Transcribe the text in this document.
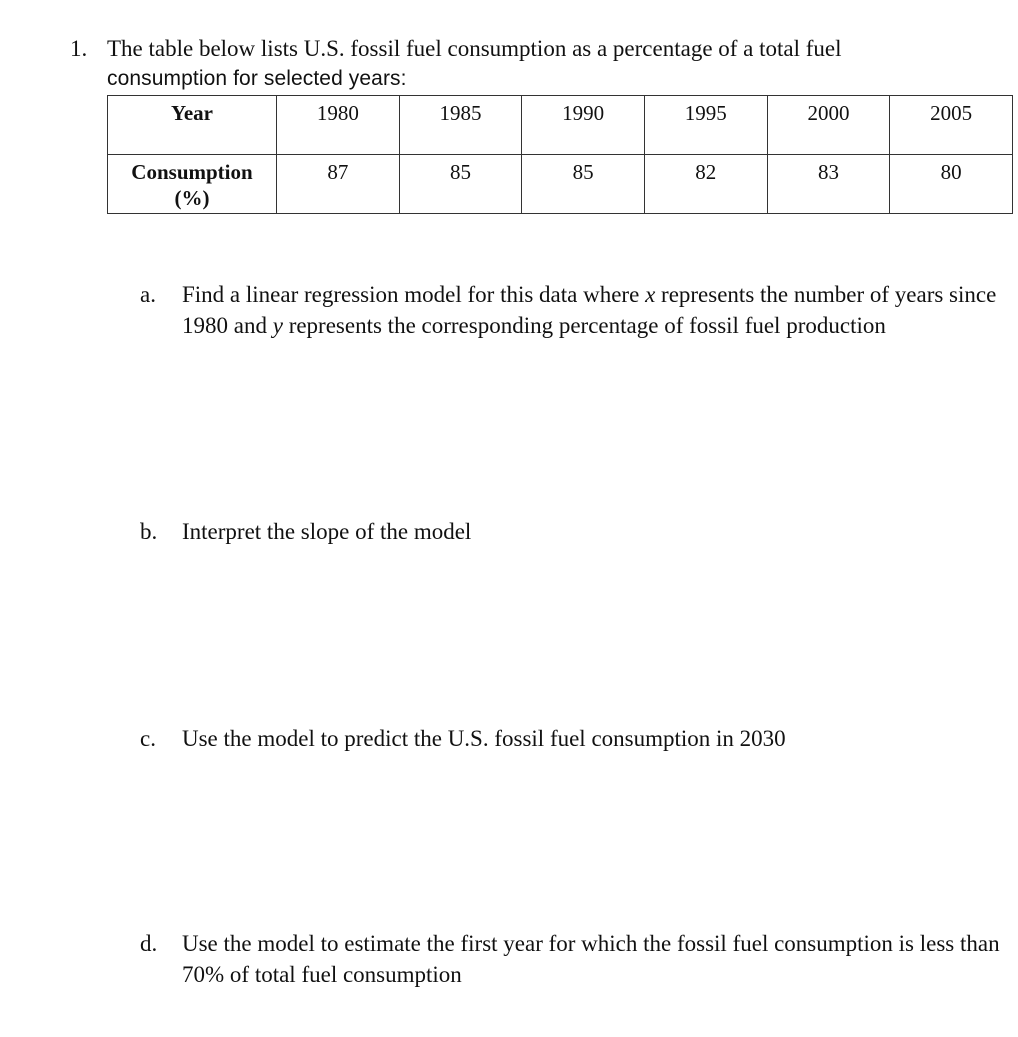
1. The table below lists U.S. fossil fuel consumption as a percentage of a total fuel
consumption for selected years:
Year	1980	1985	1990	1995	2000	2005

Consumption
(%)	87	85	85	82	83	80
a. Find a linear regression model for this data where x represents the number of years since 1980 and y represents the corresponding percentage of fossil fuel production
b. Interpret the slope of the model
c. Use the model to predict the U.S. fossil fuel consumption in 2030
d. Use the model to estimate the first year for which the fossil fuel consumption is less than 70% of total fuel consumption
